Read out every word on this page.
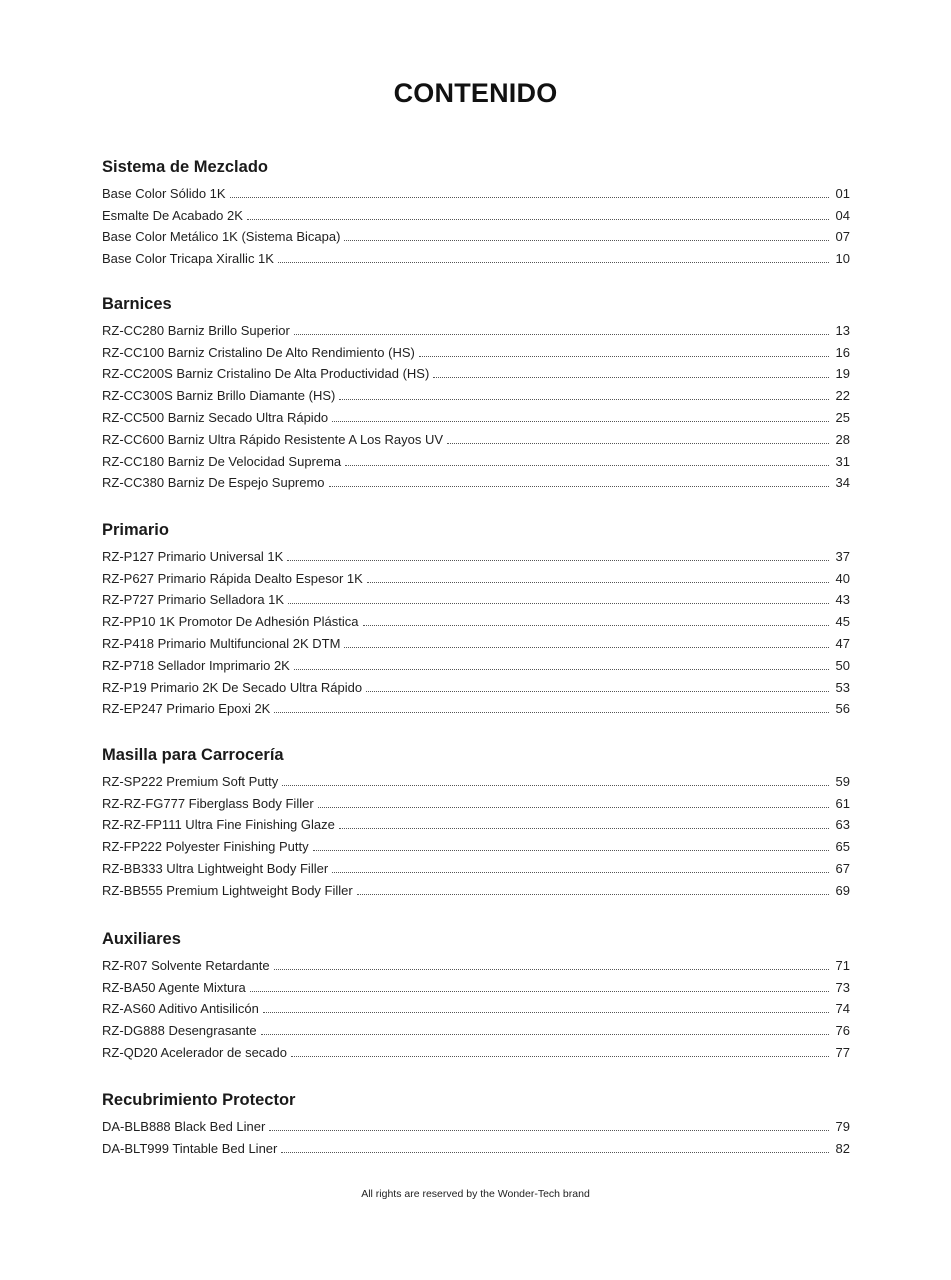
CONTENIDO
Sistema de Mezclado
Base Color Sólido 1K	01
Esmalte De Acabado 2K	04
Base Color Metálico 1K (Sistema Bicapa)	07
Base Color Tricapa Xirallic 1K	10
Barnices
RZ-CC280 Barniz Brillo Superior	13
RZ-CC100 Barniz Cristalino De Alto Rendimiento (HS)	16
RZ-CC200S Barniz Cristalino De Alta Productividad (HS)	19
RZ-CC300S Barniz Brillo Diamante (HS)	22
RZ-CC500 Barniz Secado Ultra Rápido	25
RZ-CC600 Barniz Ultra Rápido Resistente A Los Rayos UV	28
RZ-CC180 Barniz De Velocidad Suprema	31
RZ-CC380 Barniz De Espejo Supremo	34
Primario
RZ-P127 Primario Universal 1K	37
RZ-P627 Primario Rápida Dealto Espesor 1K	40
RZ-P727 Primario Selladora 1K	43
RZ-PP10 1K Promotor De Adhesión Plástica	45
RZ-P418 Primario Multifuncional 2K DTM	47
RZ-P718 Sellador Imprimario 2K	50
RZ-P19 Primario 2K De Secado Ultra Rápido	53
RZ-EP247 Primario Epoxi 2K	56
Masilla para Carrocería
RZ-SP222 Premium Soft Putty	59
RZ-RZ-FG777 Fiberglass Body Filler	61
RZ-RZ-FP111 Ultra Fine Finishing Glaze	63
RZ-FP222 Polyester Finishing Putty	65
RZ-BB333 Ultra Lightweight Body Filler	67
RZ-BB555 Premium Lightweight Body Filler	69
Auxiliares
RZ-R07 Solvente Retardante	71
RZ-BA50 Agente Mixtura	73
RZ-AS60 Aditivo Antisilicón	74
RZ-DG888 Desengrasante	76
RZ-QD20 Acelerador de secado	77
Recubrimiento Protector
DA-BLB888 Black Bed Liner	79
DA-BLT999 Tintable Bed Liner	82
All rights are reserved by the Wonder-Tech brand
